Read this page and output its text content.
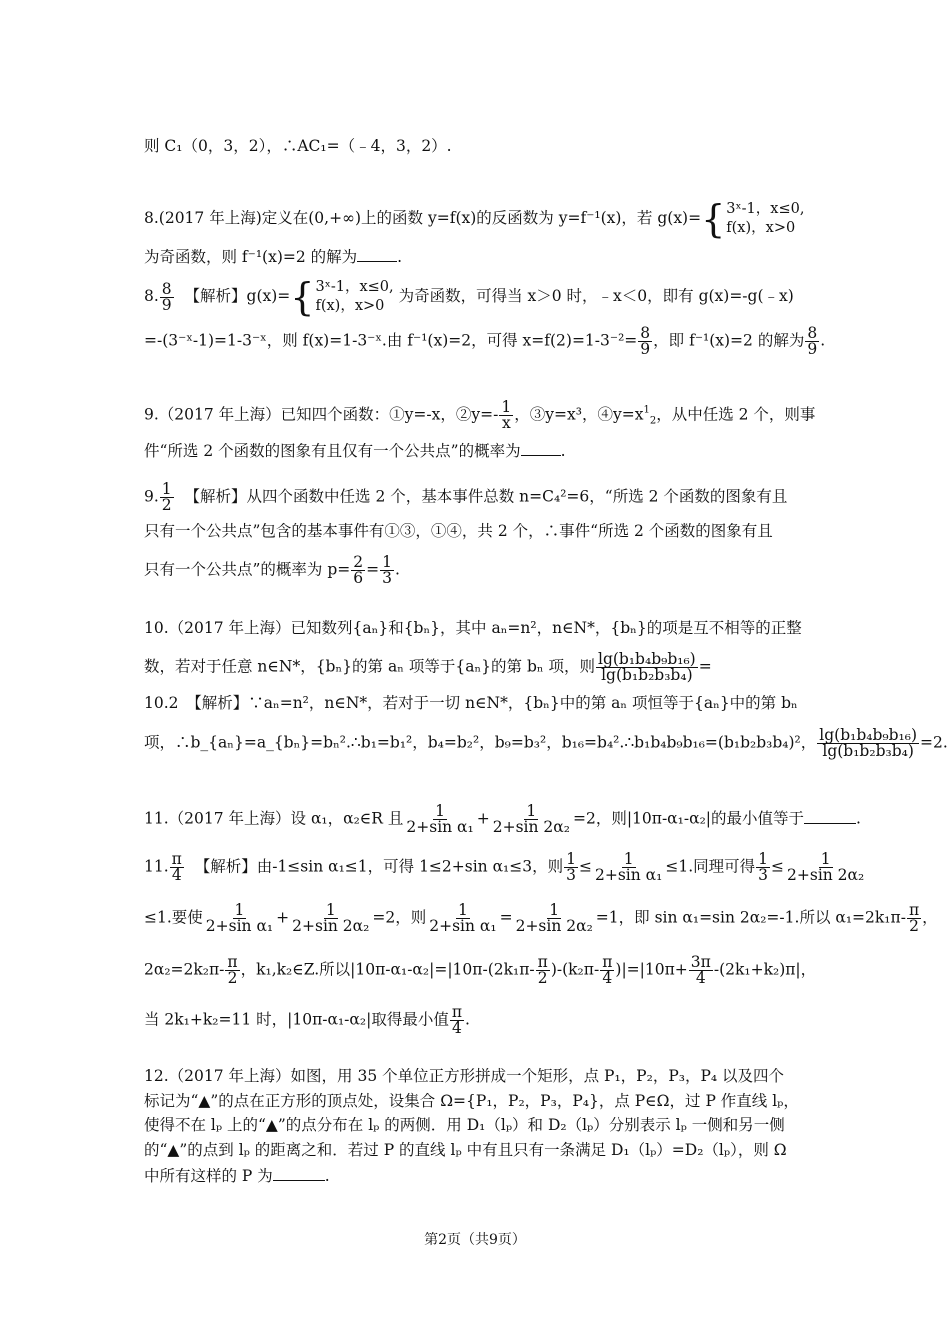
则 C₁（0，3，2），∴AC₁=（﹣4，3，2）.
8.(2017 年上海)定义在(0,+∞)上的函数 y=f(x)的反函数为 y=f⁻¹(x)，若 g(x)= { 3ˣ-1，x≤0,
f(x)，x>0
为奇函数，则 f⁻¹(x)=2 的解为	.
8. $\frac{8}{9}$ 【解析】g(x)= { 3ˣ-1，x≤0,
f(x)，x>0
为奇函数，可得当 x＞0 时，﹣x＜0，即有 g(x)=-g(﹣x)
=-(3⁻ˣ-1)=1-3⁻ˣ，则 f(x)=1-3⁻ˣ.由 f⁻¹(x)=2，可得 $x=f(2)=1-3^{-2}= \frac{8}{9}$ ，即 f⁻¹(x)=2 的解为 $\frac{8}{9}$ .
9.（2017 年上海）已知四个函数：①y=-x，②y=- $\frac{1}{x}$ ，③y=x³，$④y=x^1_2$，从中任选 2 个，则事
件“所选 2 个函数的图象有且仅有一个公共点”的概率为	.
9. $\frac{1}{2}$ 【解析】从四个函数中任选 2 个，基本事件总数 n=C₄²=6，“所选 2 个函数的图象有且
只有一个公共点”包含的基本事件有①③，①④，共 2 个，∴事件“所选 2 个函数的图象有且
只有一个公共点”的概率为 $p= \frac{2}{6} = \frac{1}{3}$ .
10.（2017 年上海）已知数列{aₙ}和{bₙ}，其中 aₙ=n²，n∈N*，{bₙ}的项是互不相等的正整
数，若对于任意 n∈N*，{bₙ}的第 aₙ 项等于{aₙ}的第 bₙ 项，则 $\frac{\text{lg(b₁b₄b₉b₁₆)}}{\text{lg(b₁b₂b₃b₄)}}$ =
10.2　【解析】∵aₙ=n²，n∈N*，若对于一切 n∈N*，{bₙ}中的第 aₙ 项恒等于{aₙ}中的第 bₙ
项，∴b_{aₙ}=a_{bₙ}=bₙ².∴b₁=b₁²，b₄=b₂²，b₉=b₃²，b₁₆=b₄².∴b₁b₄b₉b₁₆=(b₁b₂b₃b₄)²， $\frac{\text{lg(b₁b₄b₉b₁₆)}}{\text{lg(b₁b₂b₃b₄)}} =2$.
11.（2017 年上海）设 α₁，α₂∈R 且 $\frac{1}{\text{2+sin α₁}} + \frac{1}{\text{2+sin 2α₂}} =2$，则|10π-α₁-α₂|的最小值等于	.
11. $\frac{\pi}{4}$ 【解析】由-1≤sin α₁≤1，可得 1≤2+sin α₁≤3，则 $\frac{1}{3} \le \frac{1}{\text{2+sin α₁}} \le 1$.同理可得 $\frac{1}{3} \le \frac{1}{\text{2+sin 2α₂}}$
≤1.要使 $\frac{1}{\text{2+sin α₁}} + \frac{1}{\text{2+sin 2α₂}} =2$，则 $\frac{1}{\text{2+sin α₁}} = \frac{1}{\text{2+sin 2α₂}} =1$，即 sin α₁=sin 2α₂=-1.所以 $\alpha_1=2k_1\pi- \frac{\pi}{2}$ ，
$2\alpha_2=2k_2\pi- \frac{\pi}{2}$ ，k₁,k₂∈Z.所以$|10\pi-\alpha_1-\alpha_2|=|10\pi-(2k_1\pi- \frac{\pi}{2} )-(k_2\pi- \frac{\pi}{4} )|=|10\pi+ \frac{3\pi}{4} -(2k_1+k_2)\pi|$，
当 2k₁+k₂=11 时，|10π-α₁-α₂|取得最小值 $\frac{\pi}{4}$ .
12.（2017 年上海）如图，用 35 个单位正方形拼成一个矩形，点 P₁，P₂，P₃，P₄ 以及四个
标记为“▲”的点在正方形的顶点处，设集合 Ω={P₁，P₂，P₃，P₄}，点 P∈Ω，过 P 作直线 lₚ，
使得不在 lₚ 上的“▲”的点分布在 lₚ 的两侧．用 D₁（lₚ）和 D₂（lₚ）分别表示 lₚ 一侧和另一侧
的“▲”的点到 lₚ 的距离之和．若过 P 的直线 lₚ 中有且只有一条满足 D₁（lₚ）=D₂（lₚ），则 Ω
中所有这样的 P 为	.
第2页（共9页）
